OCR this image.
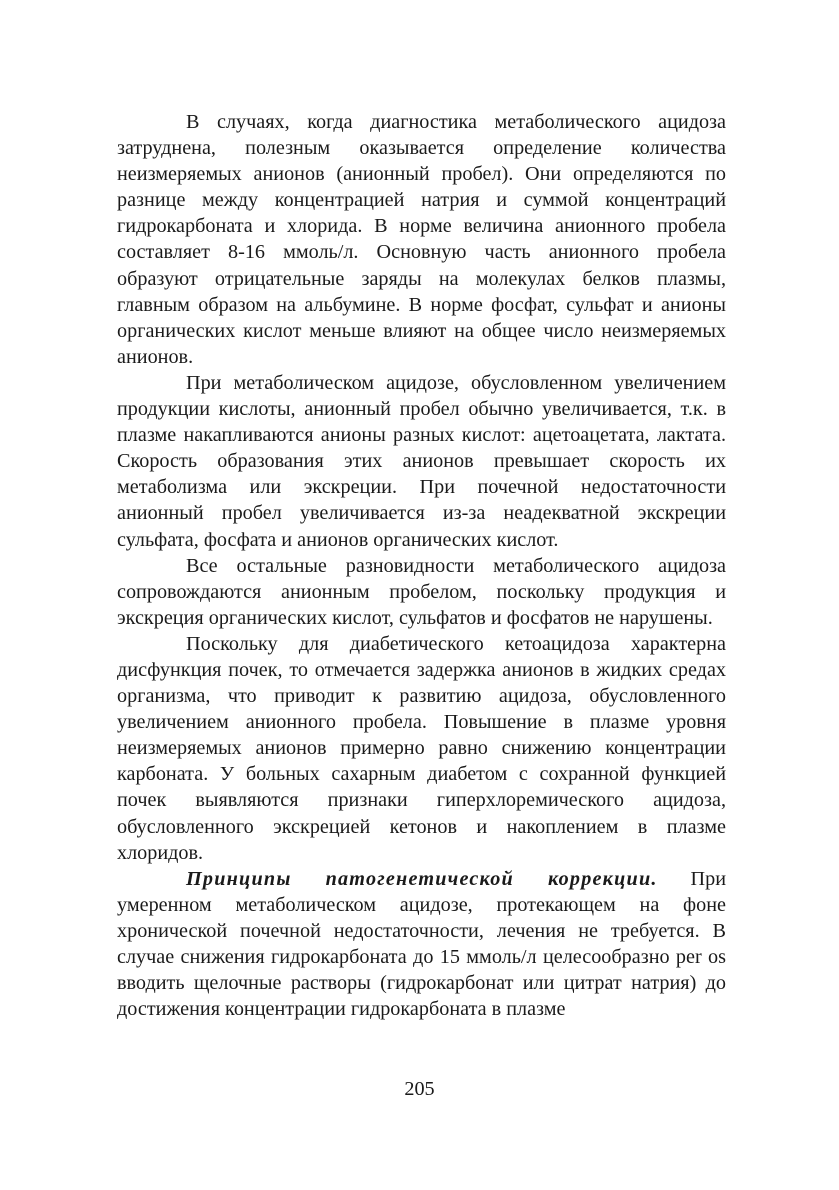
В случаях, когда диагностика метаболического ацидоза затруднена, полезным оказывается определение количества неизмеряемых анионов (анионный пробел). Они определяются по разнице между концентрацией натрия и суммой концентраций гидрокарбоната и хлорида. В норме величина анионного пробела составляет 8-16 ммоль/л. Основную часть анионного пробела образуют отрицательные заряды на молекулах белков плазмы, главным образом на альбумине. В норме фосфат, сульфат и анионы органических кислот меньше влияют на общее число неизмеряемых анионов.

При метаболическом ацидозе, обусловленном увеличением продукции кислоты, анионный пробел обычно увеличивается, т.к. в плазме накапливаются анионы разных кислот: ацетоацетата, лактата. Скорость образования этих анионов превышает скорость их метаболизма или экскреции. При почечной недостаточности анионный пробел увеличивается из-за неадекватной экскреции сульфата, фосфата и анионов органических кислот.

Все остальные разновидности метаболического ацидоза сопровождаются анионным пробелом, поскольку продукция и экскреция органических кислот, сульфатов и фосфатов не нарушены.

Поскольку для диабетического кетоацидоза характерна дисфункция почек, то отмечается задержка анионов в жидких средах организма, что приводит к развитию ацидоза, обусловленного увеличением анионного пробела. Повышение в плазме уровня неизмеряемых анионов примерно равно снижению концентрации карбоната. У больных сахарным диабетом с сохранной функцией почек выявляются признаки гиперхлоремического ацидоза, обусловленного экскрецией кетонов и накоплением в плазме хлоридов.

Принципы патогенетической коррекции. При умеренном метаболическом ацидозе, протекающем на фоне хронической почечной недостаточности, лечения не требуется. В случае снижения гидрокарбоната до 15 ммоль/л целесообразно per os вводить щелочные растворы (гидрокарбонат или цитрат натрия) до достижения концентрации гидрокарбоната в плазме

205
